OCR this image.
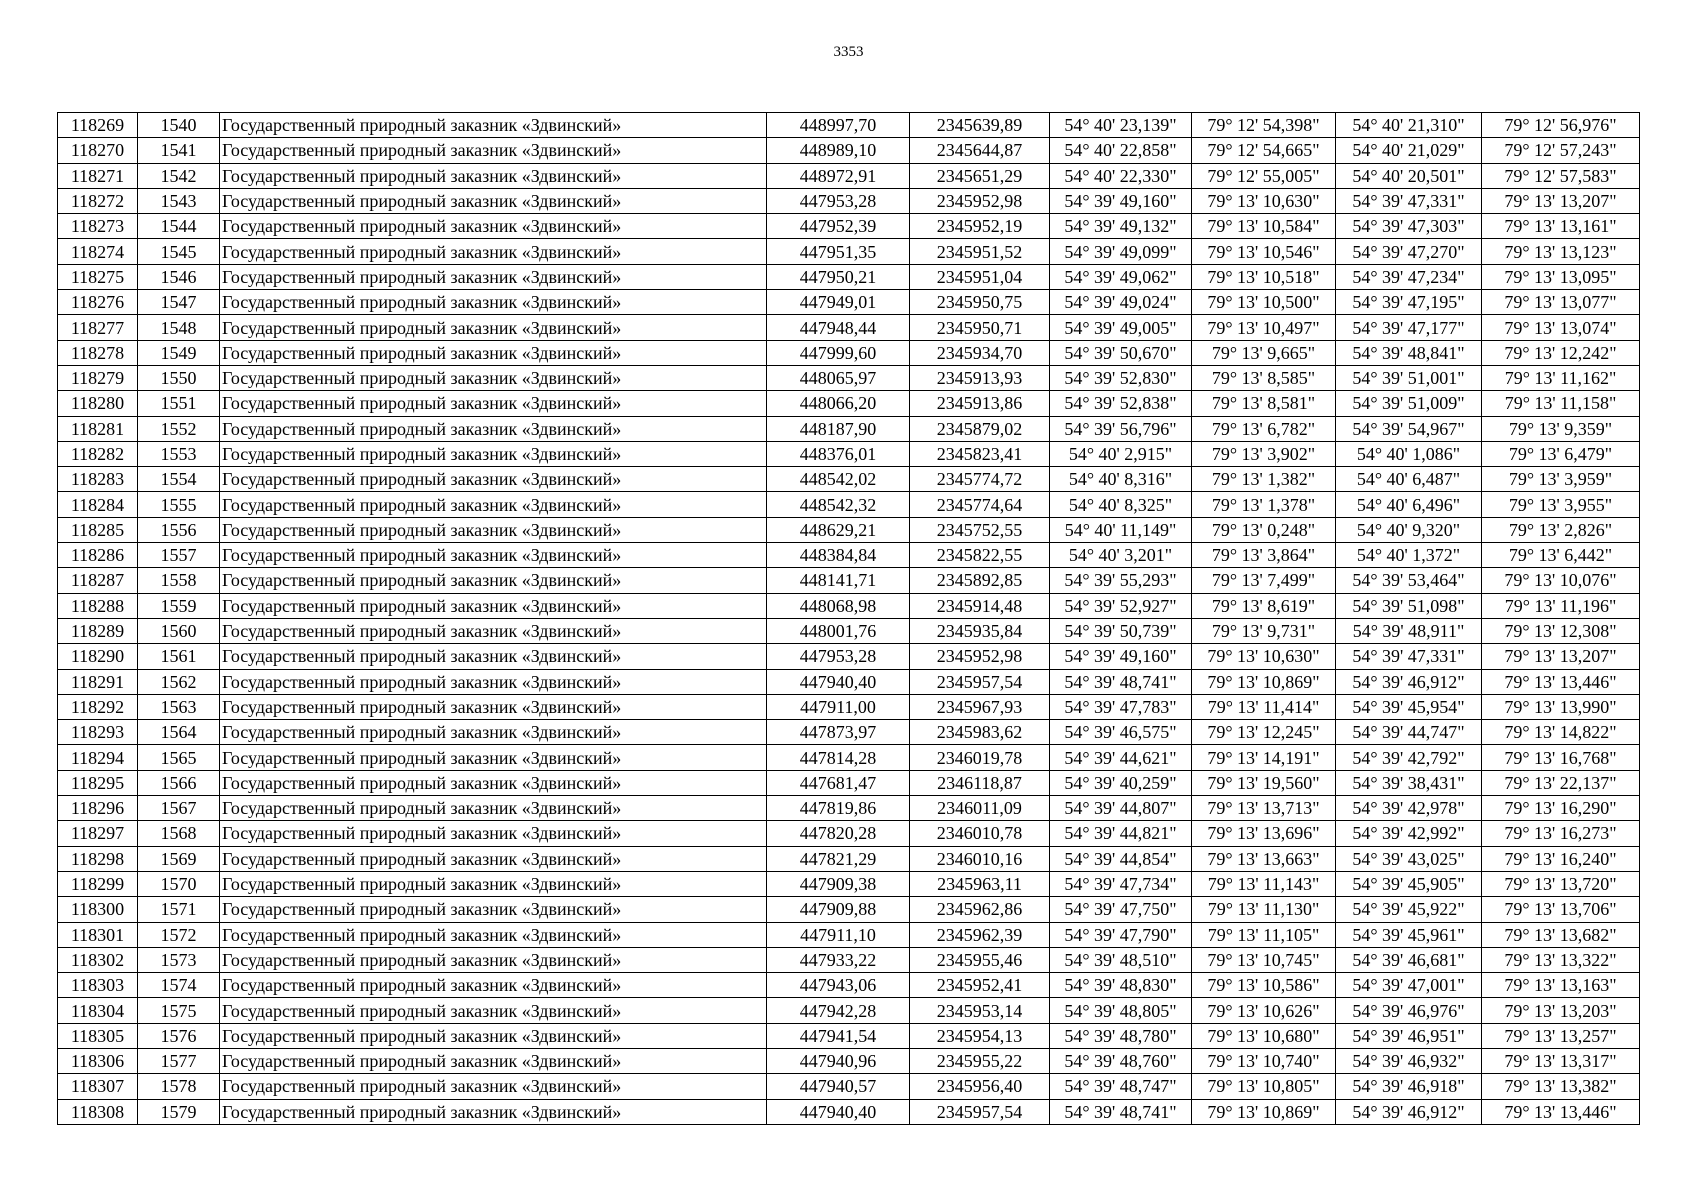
3353
118269	1540	Государственный природный заказник «Здвинский»	448997,70	2345639,89	54° 40' 23,139"	79° 12' 54,398"	54° 40' 21,310"	79° 12' 56,976"
118270	1541	Государственный природный заказник «Здвинский»	448989,10	2345644,87	54° 40' 22,858"	79° 12' 54,665"	54° 40' 21,029"	79° 12' 57,243"
118271	1542	Государственный природный заказник «Здвинский»	448972,91	2345651,29	54° 40' 22,330"	79° 12' 55,005"	54° 40' 20,501"	79° 12' 57,583"
118272	1543	Государственный природный заказник «Здвинский»	447953,28	2345952,98	54° 39' 49,160"	79° 13' 10,630"	54° 39' 47,331"	79° 13' 13,207"
118273	1544	Государственный природный заказник «Здвинский»	447952,39	2345952,19	54° 39' 49,132"	79° 13' 10,584"	54° 39' 47,303"	79° 13' 13,161"
118274	1545	Государственный природный заказник «Здвинский»	447951,35	2345951,52	54° 39' 49,099"	79° 13' 10,546"	54° 39' 47,270"	79° 13' 13,123"
118275	1546	Государственный природный заказник «Здвинский»	447950,21	2345951,04	54° 39' 49,062"	79° 13' 10,518"	54° 39' 47,234"	79° 13' 13,095"
118276	1547	Государственный природный заказник «Здвинский»	447949,01	2345950,75	54° 39' 49,024"	79° 13' 10,500"	54° 39' 47,195"	79° 13' 13,077"
118277	1548	Государственный природный заказник «Здвинский»	447948,44	2345950,71	54° 39' 49,005"	79° 13' 10,497"	54° 39' 47,177"	79° 13' 13,074"
118278	1549	Государственный природный заказник «Здвинский»	447999,60	2345934,70	54° 39' 50,670"	79° 13' 9,665"	54° 39' 48,841"	79° 13' 12,242"
118279	1550	Государственный природный заказник «Здвинский»	448065,97	2345913,93	54° 39' 52,830"	79° 13' 8,585"	54° 39' 51,001"	79° 13' 11,162"
118280	1551	Государственный природный заказник «Здвинский»	448066,20	2345913,86	54° 39' 52,838"	79° 13' 8,581"	54° 39' 51,009"	79° 13' 11,158"
118281	1552	Государственный природный заказник «Здвинский»	448187,90	2345879,02	54° 39' 56,796"	79° 13' 6,782"	54° 39' 54,967"	79° 13' 9,359"
118282	1553	Государственный природный заказник «Здвинский»	448376,01	2345823,41	54° 40' 2,915"	79° 13' 3,902"	54° 40' 1,086"	79° 13' 6,479"
118283	1554	Государственный природный заказник «Здвинский»	448542,02	2345774,72	54° 40' 8,316"	79° 13' 1,382"	54° 40' 6,487"	79° 13' 3,959"
118284	1555	Государственный природный заказник «Здвинский»	448542,32	2345774,64	54° 40' 8,325"	79° 13' 1,378"	54° 40' 6,496"	79° 13' 3,955"
118285	1556	Государственный природный заказник «Здвинский»	448629,21	2345752,55	54° 40' 11,149"	79° 13' 0,248"	54° 40' 9,320"	79° 13' 2,826"
118286	1557	Государственный природный заказник «Здвинский»	448384,84	2345822,55	54° 40' 3,201"	79° 13' 3,864"	54° 40' 1,372"	79° 13' 6,442"
118287	1558	Государственный природный заказник «Здвинский»	448141,71	2345892,85	54° 39' 55,293"	79° 13' 7,499"	54° 39' 53,464"	79° 13' 10,076"
118288	1559	Государственный природный заказник «Здвинский»	448068,98	2345914,48	54° 39' 52,927"	79° 13' 8,619"	54° 39' 51,098"	79° 13' 11,196"
118289	1560	Государственный природный заказник «Здвинский»	448001,76	2345935,84	54° 39' 50,739"	79° 13' 9,731"	54° 39' 48,911"	79° 13' 12,308"
118290	1561	Государственный природный заказник «Здвинский»	447953,28	2345952,98	54° 39' 49,160"	79° 13' 10,630"	54° 39' 47,331"	79° 13' 13,207"
118291	1562	Государственный природный заказник «Здвинский»	447940,40	2345957,54	54° 39' 48,741"	79° 13' 10,869"	54° 39' 46,912"	79° 13' 13,446"
118292	1563	Государственный природный заказник «Здвинский»	447911,00	2345967,93	54° 39' 47,783"	79° 13' 11,414"	54° 39' 45,954"	79° 13' 13,990"
118293	1564	Государственный природный заказник «Здвинский»	447873,97	2345983,62	54° 39' 46,575"	79° 13' 12,245"	54° 39' 44,747"	79° 13' 14,822"
118294	1565	Государственный природный заказник «Здвинский»	447814,28	2346019,78	54° 39' 44,621"	79° 13' 14,191"	54° 39' 42,792"	79° 13' 16,768"
118295	1566	Государственный природный заказник «Здвинский»	447681,47	2346118,87	54° 39' 40,259"	79° 13' 19,560"	54° 39' 38,431"	79° 13' 22,137"
118296	1567	Государственный природный заказник «Здвинский»	447819,86	2346011,09	54° 39' 44,807"	79° 13' 13,713"	54° 39' 42,978"	79° 13' 16,290"
118297	1568	Государственный природный заказник «Здвинский»	447820,28	2346010,78	54° 39' 44,821"	79° 13' 13,696"	54° 39' 42,992"	79° 13' 16,273"
118298	1569	Государственный природный заказник «Здвинский»	447821,29	2346010,16	54° 39' 44,854"	79° 13' 13,663"	54° 39' 43,025"	79° 13' 16,240"
118299	1570	Государственный природный заказник «Здвинский»	447909,38	2345963,11	54° 39' 47,734"	79° 13' 11,143"	54° 39' 45,905"	79° 13' 13,720"
118300	1571	Государственный природный заказник «Здвинский»	447909,88	2345962,86	54° 39' 47,750"	79° 13' 11,130"	54° 39' 45,922"	79° 13' 13,706"
118301	1572	Государственный природный заказник «Здвинский»	447911,10	2345962,39	54° 39' 47,790"	79° 13' 11,105"	54° 39' 45,961"	79° 13' 13,682"
118302	1573	Государственный природный заказник «Здвинский»	447933,22	2345955,46	54° 39' 48,510"	79° 13' 10,745"	54° 39' 46,681"	79° 13' 13,322"
118303	1574	Государственный природный заказник «Здвинский»	447943,06	2345952,41	54° 39' 48,830"	79° 13' 10,586"	54° 39' 47,001"	79° 13' 13,163"
118304	1575	Государственный природный заказник «Здвинский»	447942,28	2345953,14	54° 39' 48,805"	79° 13' 10,626"	54° 39' 46,976"	79° 13' 13,203"
118305	1576	Государственный природный заказник «Здвинский»	447941,54	2345954,13	54° 39' 48,780"	79° 13' 10,680"	54° 39' 46,951"	79° 13' 13,257"
118306	1577	Государственный природный заказник «Здвинский»	447940,96	2345955,22	54° 39' 48,760"	79° 13' 10,740"	54° 39' 46,932"	79° 13' 13,317"
118307	1578	Государственный природный заказник «Здвинский»	447940,57	2345956,40	54° 39' 48,747"	79° 13' 10,805"	54° 39' 46,918"	79° 13' 13,382"
118308	1579	Государственный природный заказник «Здвинский»	447940,40	2345957,54	54° 39' 48,741"	79° 13' 10,869"	54° 39' 46,912"	79° 13' 13,446"
